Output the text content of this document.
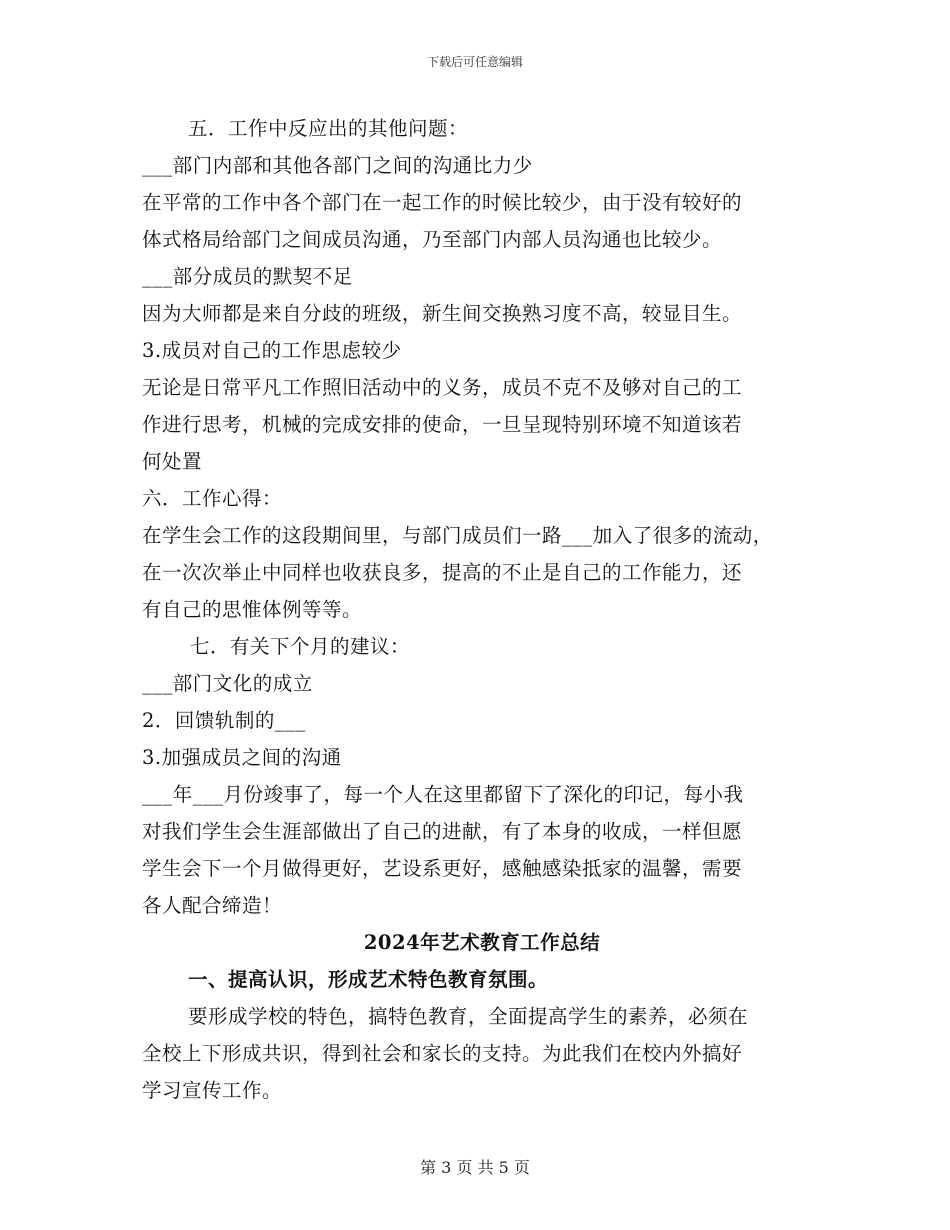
下载后可任意编辑
五．工作中反应出的其他问题：
___部门内部和其他各部门之间的沟通比力少
在平常的工作中各个部门在一起工作的时候比较少，由于没有较好的
体式格局给部门之间成员沟通，乃至部门内部人员沟通也比较少。
___部分成员的默契不足
因为大师都是来自分歧的班级，新生间交换熟习度不高，较显目生。
3.成员对自己的工作思虑较少
无论是日常平凡工作照旧活动中的义务，成员不克不及够对自己的工
作进行思考，机械的完成安排的使命，一旦呈现特别环境不知道该若
何处置
六．工作心得：
在学生会工作的这段期间里，与部门成员们一路___加入了很多的流动，
在一次次举止中同样也收获良多，提高的不止是自己的工作能力，还
有自己的思惟体例等等。
七．有关下个月的建议：
___部门文化的成立
2．回馈轨制的___
3.加强成员之间的沟通
___年___月份竣事了，每一个人在这里都留下了深化的印记，每小我
对我们学生会生涯部做出了自己的进献，有了本身的收成，一样但愿
学生会下一个月做得更好，艺设系更好，感触感染抵家的温馨，需要
各人配合缔造！
2024年艺术教育工作总结
一、提高认识，形成艺术特色教育氛围。
要形成学校的特色，搞特色教育，全面提高学生的素养，必须在
全校上下形成共识，得到社会和家长的支持。为此我们在校内外搞好
学习宣传工作。
第 3 页 共 5 页
